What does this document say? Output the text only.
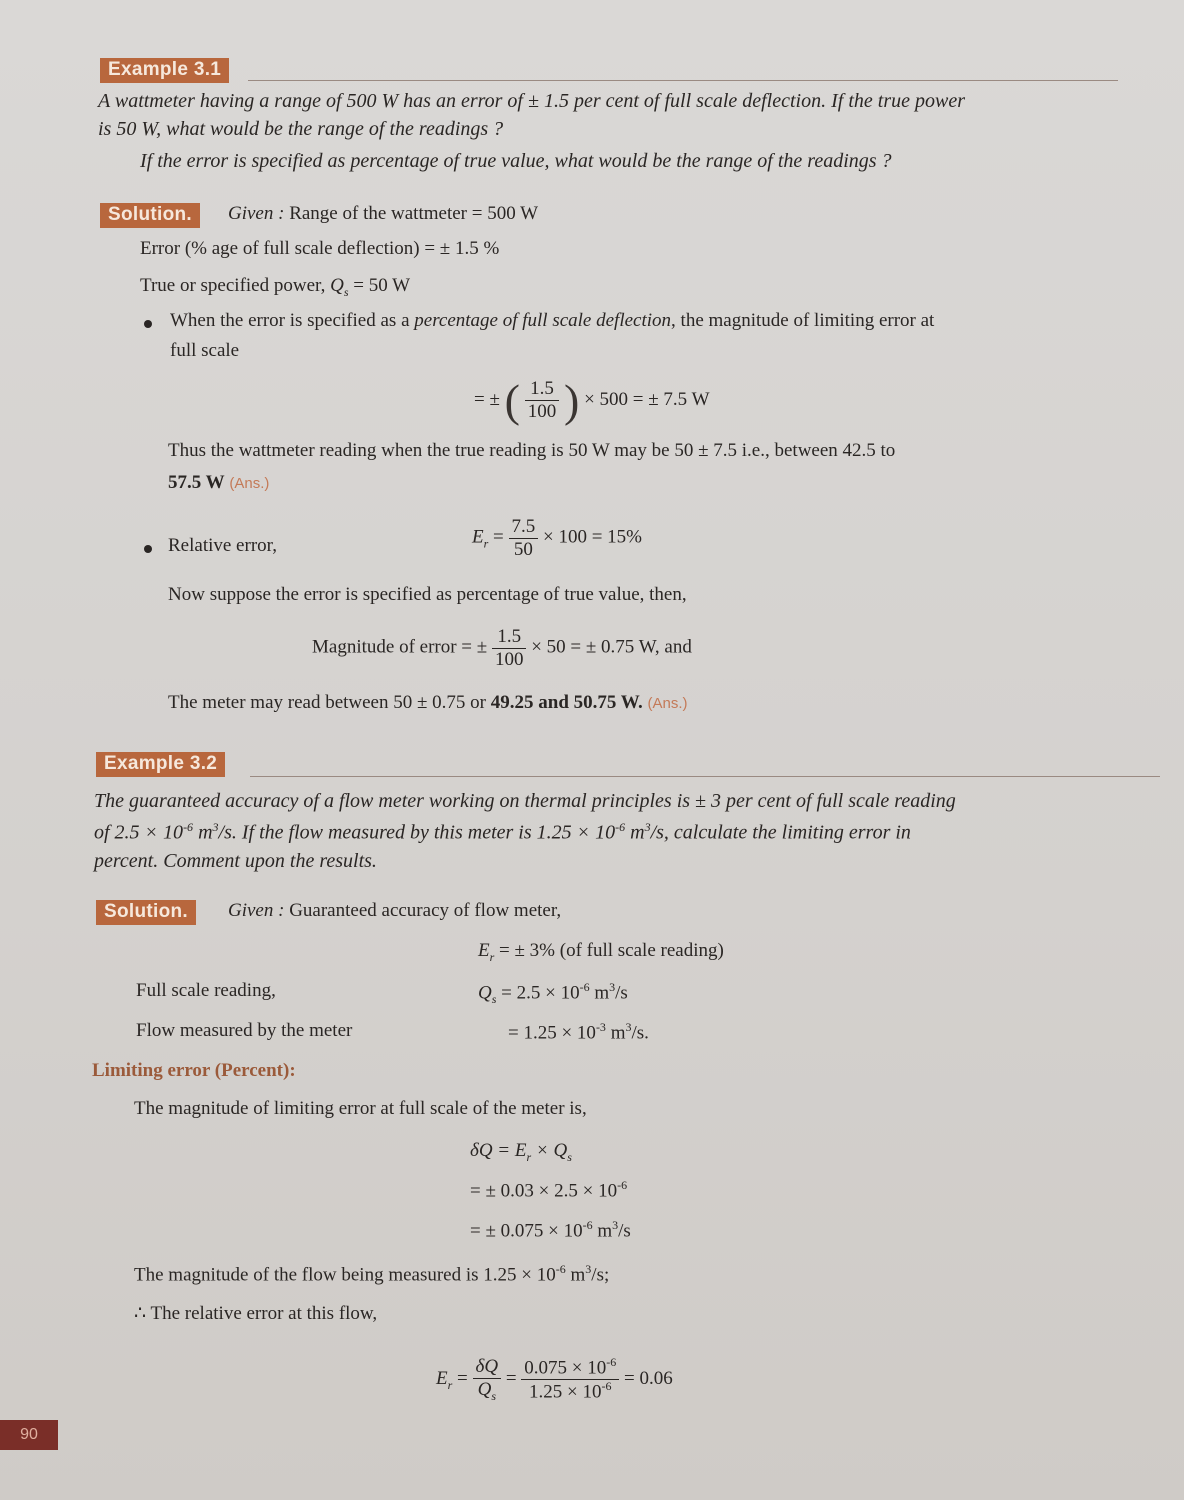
Example 3.1
A wattmeter having a range of 500 W has an error of ± 1.5 per cent of full scale deflection. If the true power
is 50 W, what would be the range of the readings ?
If the error is specified as percentage of true value, what would be the range of the readings ?
Solution.	Given : Range of the wattmeter = 500 W
Error (% age of full scale deflection) = ± 1.5 %
True or specified power, $Q_s = 50$ W
When the error is specified as a percentage of full scale deflection, the magnitude of limiting error at
full scale
= ± ( $\frac{1.5}{100}$ ) × 500 = ± 7.5 W
Thus the wattmeter reading when the true reading is 50 W may be 50 ± 7.5 i.e., between 42.5 to
57.5 W (Ans.)
Relative error,	$E_r = \frac{7.5}{50} \times 100 = 15\%$
Now suppose the error is specified as percentage of true value, then,
Magnitude of error = ± $\frac{1.5}{100} \times 50$ = ± 0.75 W, and
The meter may read between 50 ± 0.75 or 49.25 and 50.75 W. (Ans.)
Example 3.2
The guaranteed accuracy of a flow meter working on thermal principles is ± 3 per cent of full scale reading
of $2.5 \times 10^{-6}$ $m^3/s$. If the flow measured by this meter is $1.25 \times 10^{-6}$ $m^3/s$, calculate the limiting error in
percent. Comment upon the results.
Solution.	Given : Guaranteed accuracy of flow meter,
$E_r$ = ± 3% (of full scale reading)
Full scale reading,	$Q_s = 2.5 \times 10^{-6}$ $m^3/s$
Flow measured by the meter	= $1.25 \times 10^{-3}$ $m^3/s$.
Limiting error (Percent):
The magnitude of limiting error at full scale of the meter is,
$\delta Q = E_r \times Q_s$
= ± $0.03 \times 2.5 \times 10^{-6}$
= ± $0.075 \times 10^{-6}$ $m^3/s$
The magnitude of the flow being measured is $1.25 \times 10^{-6}$ $m^3/s$;
∴ The relative error at this flow,
$E_r = \frac{\delta Q}{Q_s} = \frac{0.075 \times 10^{-6}}{1.25 \times 10^{-6}} = 0.06$
90
